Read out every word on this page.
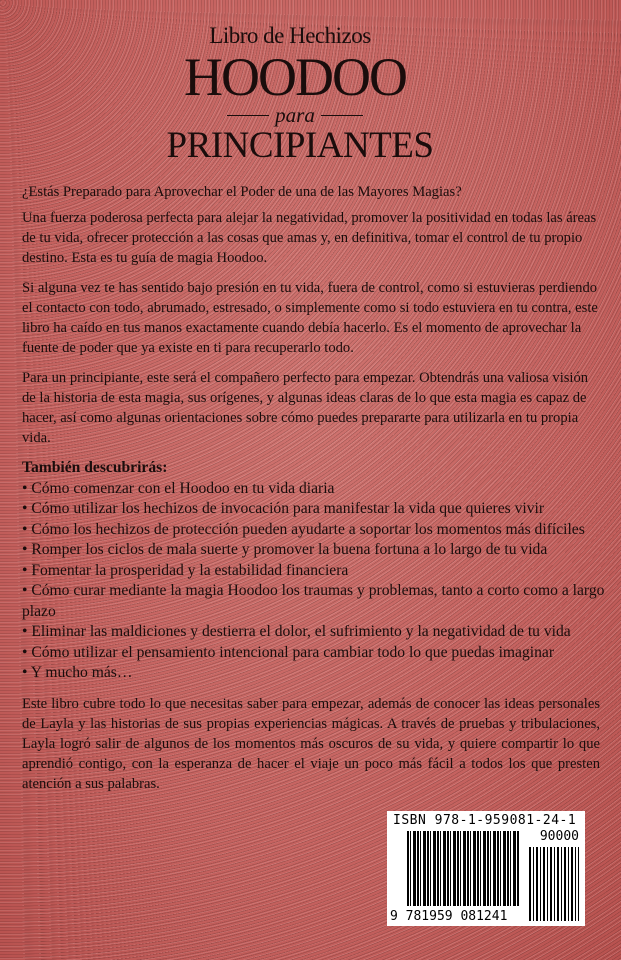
Libro de Hechizos
HOODOO
para
PRINCIPIANTES

¿Estás Preparado para Aprovechar el Poder de una de las Mayores Magias?

Una fuerza poderosa perfecta para alejar la negatividad, promover la positividad en todas las áreas de tu vida, ofrecer protección a las cosas que amas y, en definitiva, tomar el control de tu propio destino. Esta es tu guía de magia Hoodoo.

Si alguna vez te has sentido bajo presión en tu vida, fuera de control, como si estuvieras perdiendo el contacto con todo, abrumado, estresado, o simplemente como si todo estuviera en tu contra, este libro ha caído en tus manos exactamente cuando debía hacerlo. Es el momento de aprovechar la fuente de poder que ya existe en ti para recuperarlo todo.

Para un principiante, este será el compañero perfecto para empezar. Obtendrás una valiosa visión de la historia de esta magia, sus orígenes, y algunas ideas claras de lo que esta magia es capaz de hacer, así como algunas orientaciones sobre cómo puedes prepararte para utilizarla en tu propia vida.

También descubrirás:
• Cómo comenzar con el Hoodoo en tu vida diaria
• Cómo utilizar los hechizos de invocación para manifestar la vida que quieres vivir
• Cómo los hechizos de protección pueden ayudarte a soportar los momentos más difíciles
• Romper los ciclos de mala suerte y promover la buena fortuna a lo largo de tu vida
• Fomentar la prosperidad y la estabilidad financiera
• Cómo curar mediante la magia Hoodoo los traumas y problemas, tanto a corto como a largo plazo
• Eliminar las maldiciones y destierra el dolor, el sufrimiento y la negatividad de tu vida
• Cómo utilizar el pensamiento intencional para cambiar todo lo que puedas imaginar
• Y mucho más…
Este libro cubre todo lo que necesitas saber para empezar, además de conocer las ideas personales de Layla y las historias de sus propias experiencias mágicas. A través de pruebas y tribulaciones, Layla logró salir de algunos de los momentos más oscuros de su vida, y quiere compartir lo que aprendió contigo, con la esperanza de hacer el viaje un poco más fácil a todos los que presten atención a sus palabras.
ISBN 978-1-959081-24-1
90000
9 781959 081241
